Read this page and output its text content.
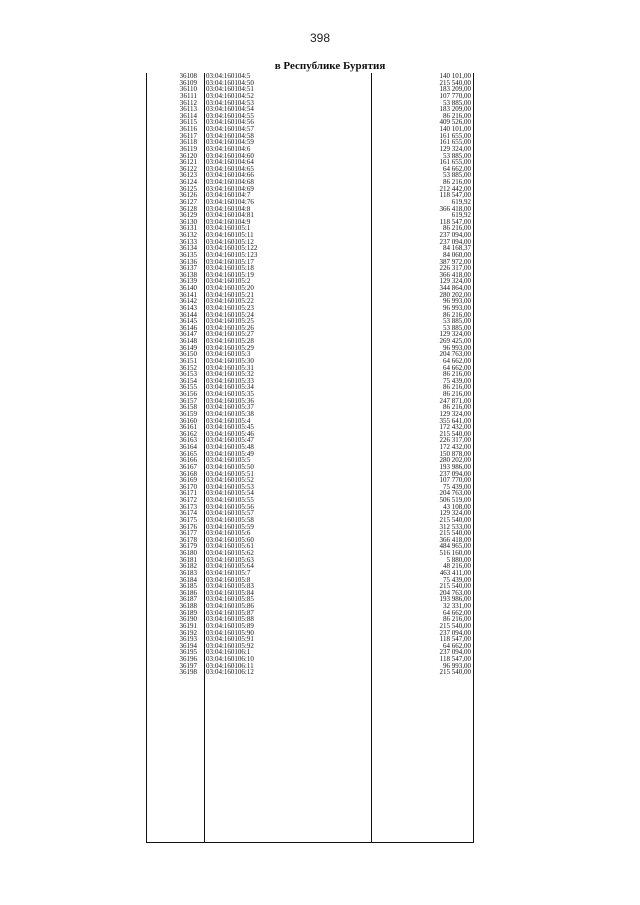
398
в Республике Бурятия
36108 03:04:160104:5	140 101,00
36109 03:04:160104:50	215 540,00
36110 03:04:160104:51	183 209,00
36111 03:04:160104:52	107 770,00
36112 03:04:160104:53	53 885,00
36113 03:04:160104:54	183 209,00
36114 03:04:160104:55	86 216,00
36115 03:04:160104:56	409 526,00
36116 03:04:160104:57	140 101,00
36117 03:04:160104:58	161 655,00
36118 03:04:160104:59	161 655,00
36119 03:04:160104:6	129 324,00
36120 03:04:160104:60	53 885,00
36121 03:04:160104:64	161 655,00
36122 03:04:160104:65	64 662,00
36123 03:04:160104:66	53 885,00
36124 03:04:160104:68	86 216,00
36125 03:04:160104:69	212 442,00
36126 03:04:160104:7	118 547,00
36127 03:04:160104:76	619,92
36128 03:04:160104:8	366 418,00
36129 03:04:160104:81	619,92
36130 03:04:160104:9	118 547,00
36131 03:04:160105:1	86 216,00
36132 03:04:160105:11	237 094,00
36133 03:04:160105:12	237 094,00
36134 03:04:160105:122	84 168,37
36135 03:04:160105:123	84 060,00
36136 03:04:160105:17	387 972,00
36137 03:04:160105:18	226 317,00
36138 03:04:160105:19	366 418,00
36139 03:04:160105:2	129 324,00
36140 03:04:160105:20	344 864,00
36141 03:04:160105:21	280 202,00
36142 03:04:160105:22	96 993,00
36143 03:04:160105:23	96 993,00
36144 03:04:160105:24	86 216,00
36145 03:04:160105:25	53 885,00
36146 03:04:160105:26	53 885,00
36147 03:04:160105:27	129 324,00
36148 03:04:160105:28	269 425,00
36149 03:04:160105:29	96 993,00
36150 03:04:160105:3	204 763,00
36151 03:04:160105:30	64 662,00
36152 03:04:160105:31	64 662,00
36153 03:04:160105:32	86 216,00
36154 03:04:160105:33	75 439,00
36155 03:04:160105:34	86 216,00
36156 03:04:160105:35	86 216,00
36157 03:04:160105:36	247 871,00
36158 03:04:160105:37	86 216,00
36159 03:04:160105:38	129 324,00
36160 03:04:160105:4	355 641,00
36161 03:04:160105:45	172 432,00
36162 03:04:160105:46	215 540,00
36163 03:04:160105:47	226 317,00
36164 03:04:160105:48	172 432,00
36165 03:04:160105:49	150 878,00
36166 03:04:160105:5	280 202,00
36167 03:04:160105:50	193 986,00
36168 03:04:160105:51	237 094,00
36169 03:04:160105:52	107 770,00
36170 03:04:160105:53	75 439,00
36171 03:04:160105:54	204 763,00
36172 03:04:160105:55	506 519,00
36173 03:04:160105:56	43 108,00
36174 03:04:160105:57	129 324,00
36175 03:04:160105:58	215 540,00
36176 03:04:160105:59	312 533,00
36177 03:04:160105:6	215 540,00
36178 03:04:160105:60	366 418,00
36179 03:04:160105:61	484 965,00
36180 03:04:160105:62	516 160,00
36181 03:04:160105:63	5 880,00
36182 03:04:160105:64	48 216,00
36183 03:04:160105:7	463 411,00
36184 03:04:160105:8	75 439,00
36185 03:04:160105:83	215 540,00
36186 03:04:160105:84	204 763,00
36187 03:04:160105:85	193 986,00
36188 03:04:160105:86	32 331,00
36189 03:04:160105:87	64 662,00
36190 03:04:160105:88	86 216,00
36191 03:04:160105:89	215 540,00
36192 03:04:160105:90	237 094,00
36193 03:04:160105:91	118 547,00
36194 03:04:160105:92	64 662,00
36195 03:04:160106:1	237 094,00
36196 03:04:160106:10	118 547,00
36197 03:04:160106:11	96 993,00
36198 03:04:160106:12	215 540,00
